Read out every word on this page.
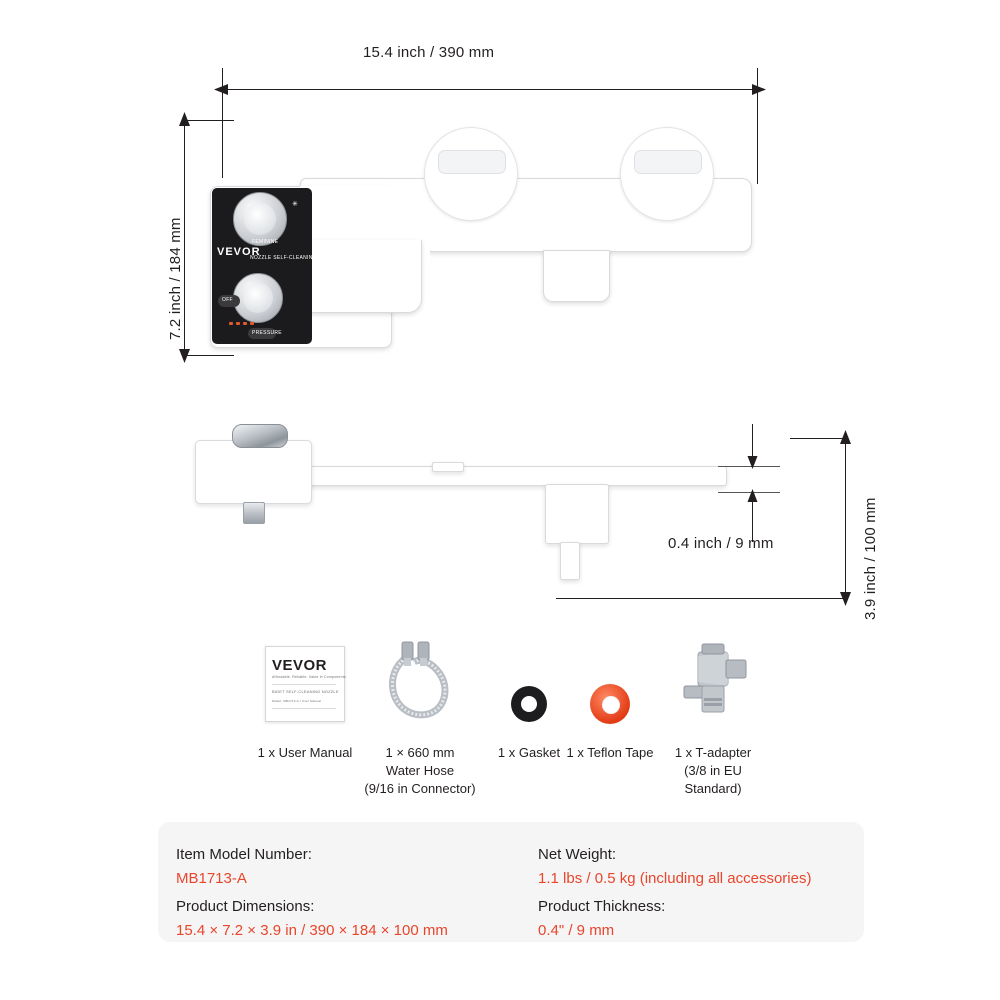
15.4 inch / 390 mm
7.2 inch / 184 mm	VEVOR
NOZZLE SELF-CLEANING
FEMININE
OFF
PRESSURE
✳
0.4 inch / 9 mm	3.9 inch / 100 mm
VEVOR
Affordable. Reliable. Value in Components
BIDET SELF-CLEANING NOZZLE
Model: MB1713-A / User Manual
1 x User Manual	1 × 660 mm
Water Hose
(9/16 in Connector)
1 x Gasket 1 x Teflon Tape	1 x T-adapter
(3/8 in EU
Standard)
Item Model Number:
MB1713-A
Product Dimensions:
15.4 × 7.2 × 3.9 in / 390 × 184 × 100 mm
Net Weight:
1.1 lbs / 0.5 kg (including all accessories)
Product Thickness:
0.4" / 9 mm
